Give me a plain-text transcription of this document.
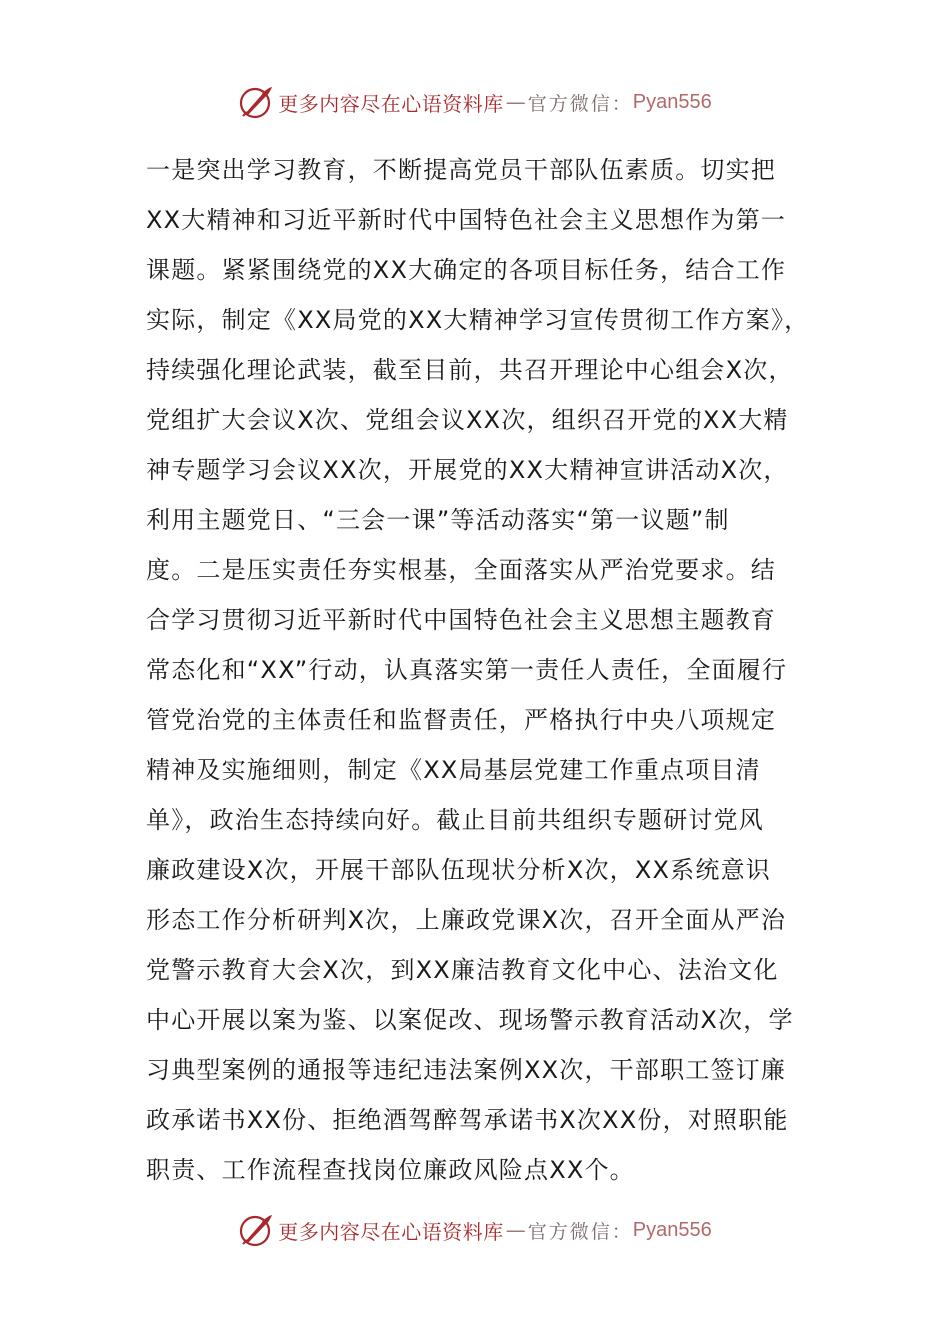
更多内容尽在心语资料库 — 官方微信： Pyan556
一是突出学习教育，不断提高党员干部队伍素质。切实把
XX大精神和习近平新时代中国特色社会主义思想作为第一
课题。紧紧围绕党的XX大确定的各项目标任务，结合工作
实际，制定《XX局党的XX大精神学习宣传贯彻工作方案》，
持续强化理论武装，截至目前，共召开理论中心组会X次，
党组扩大会议X次、党组会议XX次，组织召开党的XX大精
神专题学习会议XX次，开展党的XX大精神宣讲活动X次，
利用主题党日、“三会一课”等活动落实“第一议题”制
度。二是压实责任夯实根基，全面落实从严治党要求。结
合学习贯彻习近平新时代中国特色社会主义思想主题教育
常态化和“XX”行动，认真落实第一责任人责任，全面履行
管党治党的主体责任和监督责任，严格执行中央八项规定
精神及实施细则，制定《XX局基层党建工作重点项目清
单》，政治生态持续向好。截止目前共组织专题研讨党风
廉政建设X次，开展干部队伍现状分析X次，XX系统意识
形态工作分析研判X次，上廉政党课X次，召开全面从严治
党警示教育大会X次，到XX廉洁教育文化中心、法治文化
中心开展以案为鉴、以案促改、现场警示教育活动X次，学
习典型案例的通报等违纪违法案例XX次，干部职工签订廉
政承诺书XX份、拒绝酒驾醉驾承诺书X次XX份，对照职能
职责、工作流程查找岗位廉政风险点XX个。
更多内容尽在心语资料库 — 官方微信： Pyan556
